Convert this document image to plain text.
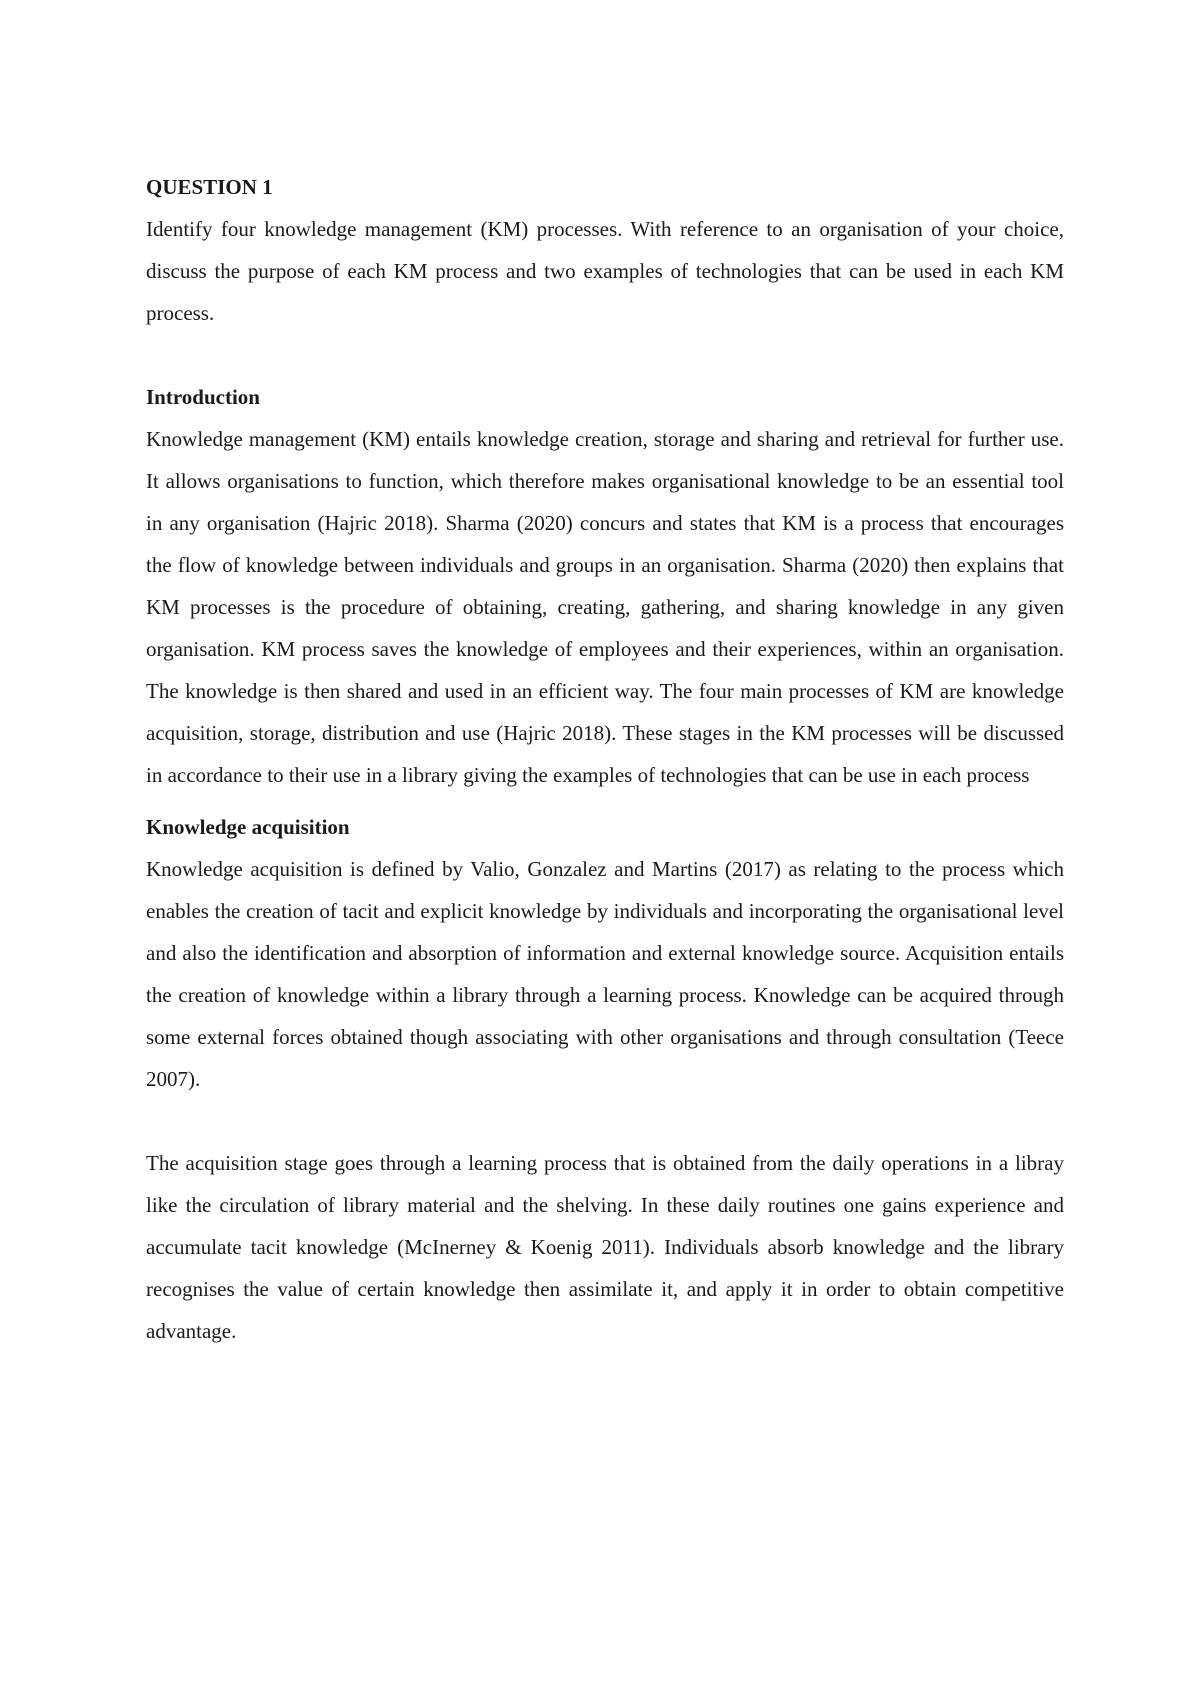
QUESTION 1

Identify four knowledge management (KM) processes. With reference to an organisation of your choice, discuss the purpose of each KM process and two examples of technologies that can be used in each KM process.

Introduction

Knowledge management (KM) entails knowledge creation, storage and sharing and retrieval for further use. It allows organisations to function, which therefore makes organisational knowledge to be an essential tool in any organisation (Hajric 2018). Sharma (2020) concurs and states that KM is a process that encourages the flow of knowledge between individuals and groups in an organisation. Sharma (2020) then explains that KM processes is the procedure of obtaining, creating, gathering, and sharing knowledge in any given organisation. KM process saves the knowledge of employees and their experiences, within an organisation. The knowledge is then shared and used in an efficient way. The four main processes of KM are knowledge acquisition, storage, distribution and use (Hajric 2018). These stages in the KM processes will be discussed in accordance to their use in a library giving the examples of technologies that can be use in each process

Knowledge acquisition

Knowledge acquisition is defined by Valio, Gonzalez and Martins (2017) as relating to the process which enables the creation of tacit and explicit knowledge by individuals and incorporating the organisational level and also the identification and absorption of information and external knowledge source. Acquisition entails the creation of knowledge within a library through a learning process. Knowledge can be acquired through some external forces obtained though associating with other organisations and through consultation (Teece 2007).

The acquisition stage goes through a learning process that is obtained from the daily operations in a libray like the circulation of library material and the shelving. In these daily routines one gains experience and accumulate tacit knowledge (McInerney & Koenig 2011). Individuals absorb knowledge and the library recognises the value of certain knowledge then assimilate it, and apply it in order to obtain competitive advantage.
